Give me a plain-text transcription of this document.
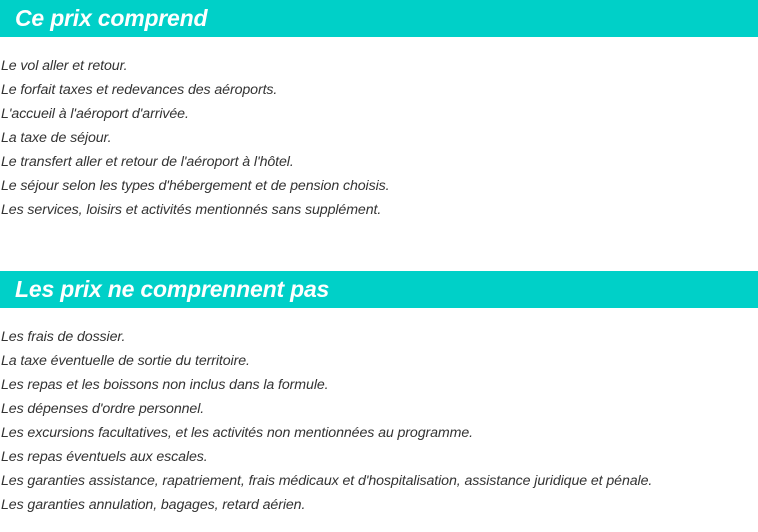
Ce prix comprend
Le vol aller et retour.
Le forfait taxes et redevances des aéroports.
L'accueil à l'aéroport d'arrivée.
La taxe de séjour.
Le transfert aller et retour de l'aéroport à l'hôtel.
Le séjour selon les types d'hébergement et de pension choisis.
Les services, loisirs et activités mentionnés sans supplément.
Les prix ne comprennent pas
Les frais de dossier.
La taxe éventuelle de sortie du territoire.
Les repas et les boissons non inclus dans la formule.
Les dépenses d'ordre personnel.
Les excursions facultatives, et les activités non mentionnées au programme.
Les repas éventuels aux escales.
Les garanties assistance, rapatriement, frais médicaux et d'hospitalisation, assistance juridique et pénale.
Les garanties annulation, bagages, retard aérien.
